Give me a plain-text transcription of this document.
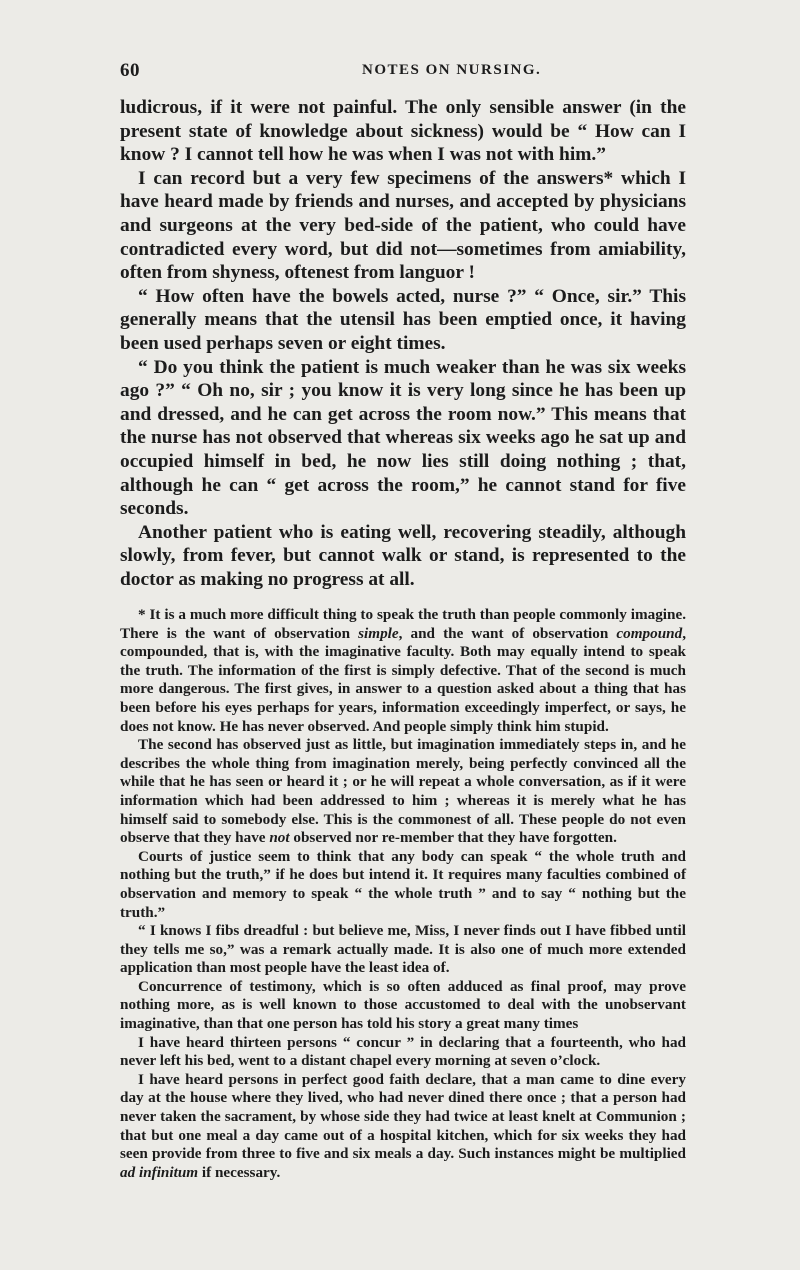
60	NOTES ON NURSING.

ludicrous, if it were not painful. The only sensible answer (in the present state of knowledge about sickness) would be “ How can I know ? I cannot tell how he was when I was not with him.”

I can record but a very few specimens of the answers* which I have heard made by friends and nurses, and accepted by physicians and surgeons at the very bed-side of the patient, who could have contradicted every word, but did not—sometimes from amiability, often from shyness, oftenest from languor !

“ How often have the bowels acted, nurse ?” “ Once, sir.” This generally means that the utensil has been emptied once, it having been used perhaps seven or eight times.

“ Do you think the patient is much weaker than he was six weeks ago ?” “ Oh no, sir ; you know it is very long since he has been up and dressed, and he can get across the room now.” This means that the nurse has not observed that whereas six weeks ago he sat up and occupied himself in bed, he now lies still doing nothing ; that, although he can “ get across the room,” he cannot stand for five seconds.

Another patient who is eating well, recovering steadily, although slowly, from fever, but cannot walk or stand, is represented to the doctor as making no progress at all.

* It is a much more difficult thing to speak the truth than people commonly imagine. There is the want of observation simple, and the want of observation compound, compounded, that is, with the imaginative faculty. Both may equally intend to speak the truth. The information of the first is simply defective. That of the second is much more dangerous. The first gives, in answer to a question asked about a thing that has been before his eyes perhaps for years, information exceedingly imperfect, or says, he does not know. He has never observed. And people simply think him stupid.

The second has observed just as little, but imagination immediately steps in, and he describes the whole thing from imagination merely, being perfectly convinced all the while that he has seen or heard it ; or he will repeat a whole conversation, as if it were information which had been addressed to him ; whereas it is merely what he has himself said to somebody else. This is the commonest of all. These people do not even observe that they have not observed nor re-member that they have forgotten.

Courts of justice seem to think that any body can speak “ the whole truth and nothing but the truth,” if he does but intend it. It requires many faculties combined of observation and memory to speak “ the whole truth ” and to say “ nothing but the truth.”

“ I knows I fibs dreadful : but believe me, Miss, I never finds out I have fibbed until they tells me so,” was a remark actually made. It is also one of much more extended application than most people have the least idea of.

Concurrence of testimony, which is so often adduced as final proof, may prove nothing more, as is well known to those accustomed to deal with the unobservant imaginative, than that one person has told his story a great many times

I have heard thirteen persons “ concur ” in declaring that a fourteenth, who had never left his bed, went to a distant chapel every morning at seven o’clock.

I have heard persons in perfect good faith declare, that a man came to dine every day at the house where they lived, who had never dined there once ; that a person had never taken the sacrament, by whose side they had twice at least knelt at Communion ; that but one meal a day came out of a hospital kitchen, which for six weeks they had seen provide from three to five and six meals a day. Such instances might be multiplied ad infinitum if necessary.
